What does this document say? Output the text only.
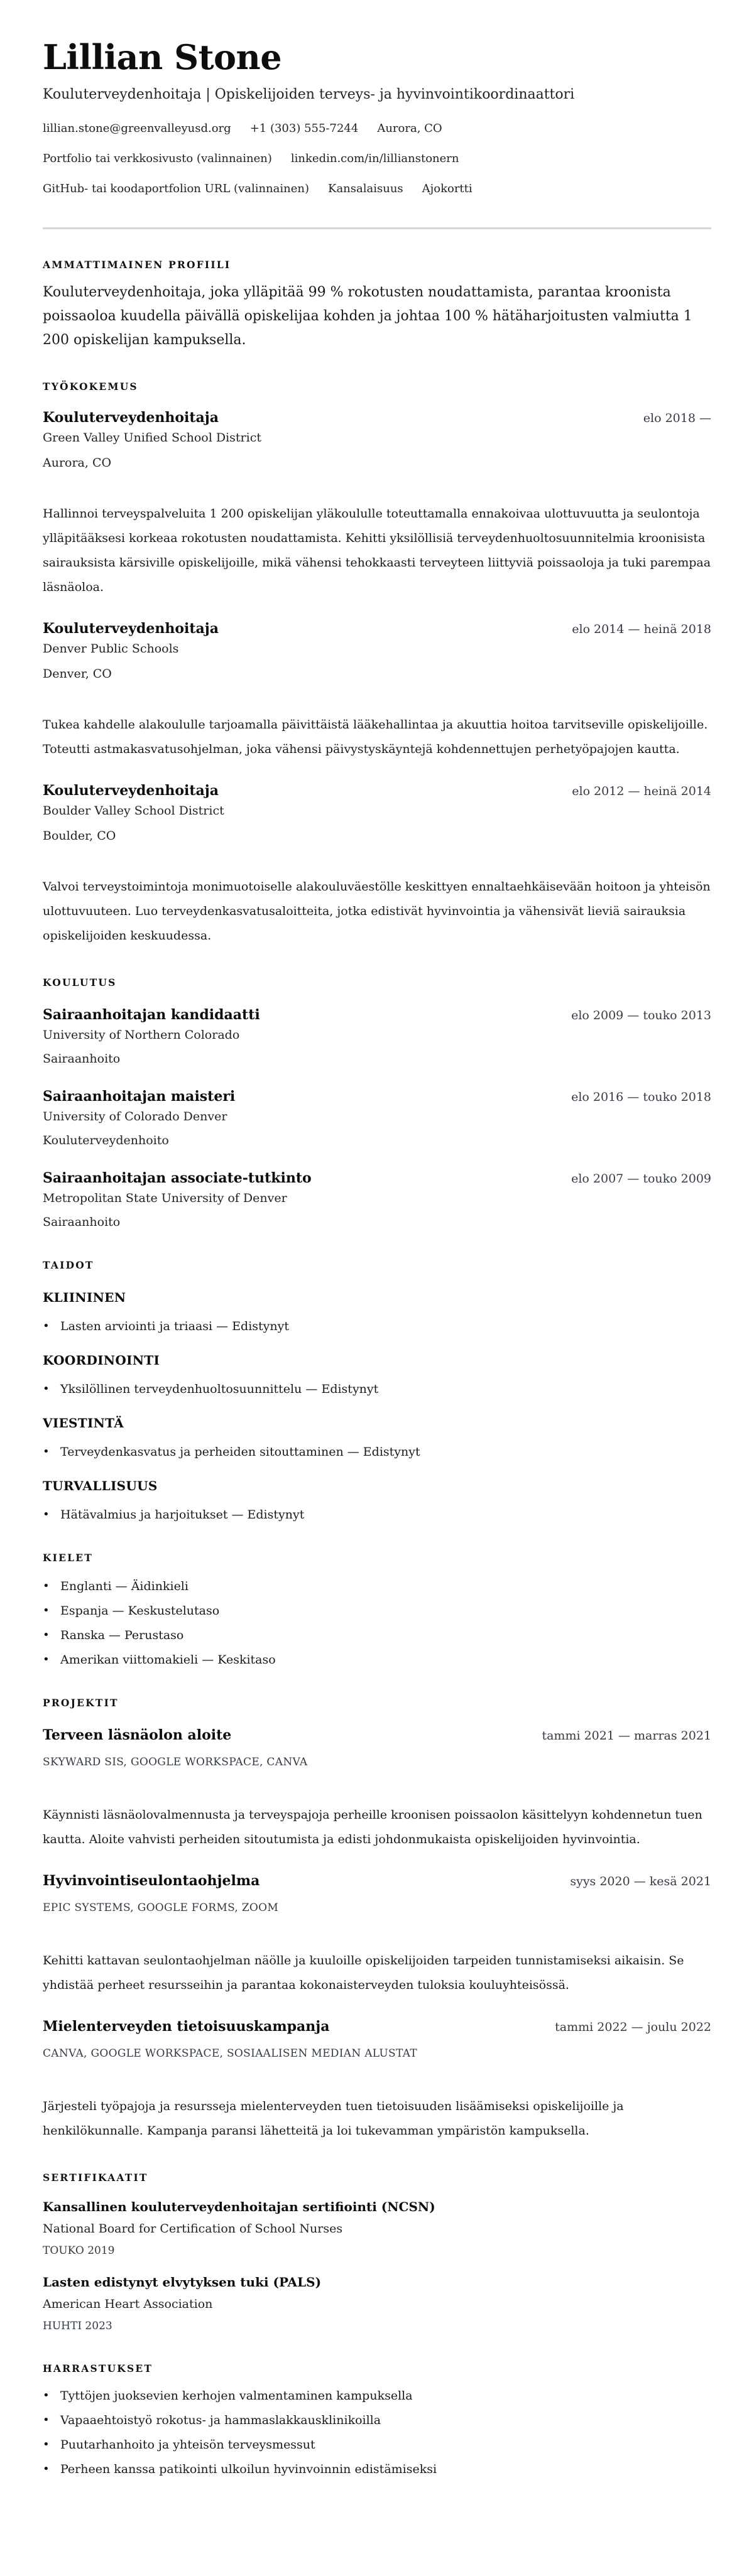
Lillian Stone
Kouluterveydenhoitaja | Opiskelijoiden terveys- ja hyvinvointikoordinaattori
lillian.stone@greenvalleyusd.org +1 (303) 555-7244 Aurora, CO
Portfolio tai verkkosivusto (valinnainen) linkedin.com/in/lillianstonern
GitHub- tai koodaportfolion URL (valinnainen) Kansalaisuus Ajokortti
AMMATTIMAINEN PROFIILI

Kouluterveydenhoitaja, joka ylläpitää 99 % rokotusten noudattamista, parantaa kroonista poissaoloa kuudella päivällä opiskelijaa kohden ja johtaa 100 % hätäharjoitusten valmiutta 1 200 opiskelijan kampuksella.

TYÖKOKEMUS
Kouluterveydenhoitaja	elo 2018 —
Green Valley Unified School District
Aurora, CO

Hallinnoi terveyspalveluita 1 200 opiskelijan yläkoululle toteuttamalla ennakoivaa ulottuvuutta ja seulontoja ylläpitääksesi korkeaa rokotusten noudattamista. Kehitti yksilöllisiä terveydenhuoltosuunnitelmia kroonisista sairauksista kärsiville opiskelijoille, mikä vähensi tehokkaasti terveyteen liittyviä poissaoloja ja tuki parempaa läsnäoloa.

Kouluterveydenhoitaja	elo 2014 — heinä 2018
Denver Public Schools
Denver, CO

Tukea kahdelle alakoululle tarjoamalla päivittäistä lääkehallintaa ja akuuttia hoitoa tarvitseville opiskelijoille. Toteutti astmakasvatusohjelman, joka vähensi päivystyskäyntejä kohdennettujen perhetyöpajojen kautta.

Kouluterveydenhoitaja	elo 2012 — heinä 2014
Boulder Valley School District
Boulder, CO

Valvoi terveystoimintoja monimuotoiselle alakouluväestölle keskittyen ennaltaehkäisevään hoitoon ja yhteisön ulottuvuuteen. Luo terveydenkasvatusaloitteita, jotka edistivät hyvinvointia ja vähensivät lieviä sairauksia opiskelijoiden keskuudessa.

KOULUTUS
Sairaanhoitajan kandidaatti	elo 2009 — touko 2013
University of Northern Colorado
Sairaanhoito
Sairaanhoitajan maisteri	elo 2016 — touko 2018
University of Colorado Denver
Kouluterveydenhoito
Sairaanhoitajan associate-tutkinto	elo 2007 — touko 2009
Metropolitan State University of Denver
Sairaanhoito
TAIDOT
KLIININEN
• Lasten arviointi ja triaasi — Edistynyt
KOORDINOINTI
• Yksilöllinen terveydenhuoltosuunnittelu — Edistynyt
VIESTINTÄ
• Terveydenkasvatus ja perheiden sitouttaminen — Edistynyt
TURVALLISUUS
• Hätävalmius ja harjoitukset — Edistynyt
KIELET
• Englanti — Äidinkieli
• Espanja — Keskustelutaso
• Ranska — Perustaso
• Amerikan viittomakieli — Keskitaso
PROJEKTIT
Terveen läsnäolon aloite	tammi 2021 — marras 2021
SKYWARD SIS, GOOGLE WORKSPACE, CANVA

Käynnisti läsnäolovalmennusta ja terveyspajoja perheille kroonisen poissaolon käsittelyyn kohdennetun tuen kautta. Aloite vahvisti perheiden sitoutumista ja edisti johdonmukaista opiskelijoiden hyvinvointia.

Hyvinvointiseulontaohjelma	syys 2020 — kesä 2021
EPIC SYSTEMS, GOOGLE FORMS, ZOOM

Kehitti kattavan seulontaohjelman näölle ja kuuloille opiskelijoiden tarpeiden tunnistamiseksi aikaisin. Se yhdistää perheet resursseihin ja parantaa kokonaisterveyden tuloksia kouluyhteisössä.

Mielenterveyden tietoisuuskampanja	tammi 2022 — joulu 2022
CANVA, GOOGLE WORKSPACE, SOSIAALISEN MEDIAN ALUSTAT

Järjesteli työpajoja ja resursseja mielenterveyden tuen tietoisuuden lisäämiseksi opiskelijoille ja henkilökunnalle. Kampanja paransi lähetteitä ja loi tukevamman ympäristön kampuksella.

SERTIFIKAATIT
Kansallinen kouluterveydenhoitajan sertifiointi (NCSN)
National Board for Certification of School Nurses
TOUKO 2019
Lasten edistynyt elvytyksen tuki (PALS)
American Heart Association
HUHTI 2023
HARRASTUKSET
• Tyttöjen juoksevien kerhojen valmentaminen kampuksella
• Vapaaehtoistyö rokotus- ja hammaslakkausklinikoilla
• Puutarhanhoito ja yhteisön terveysmessut
• Perheen kanssa patikointi ulkoilun hyvinvoinnin edistämiseksi
